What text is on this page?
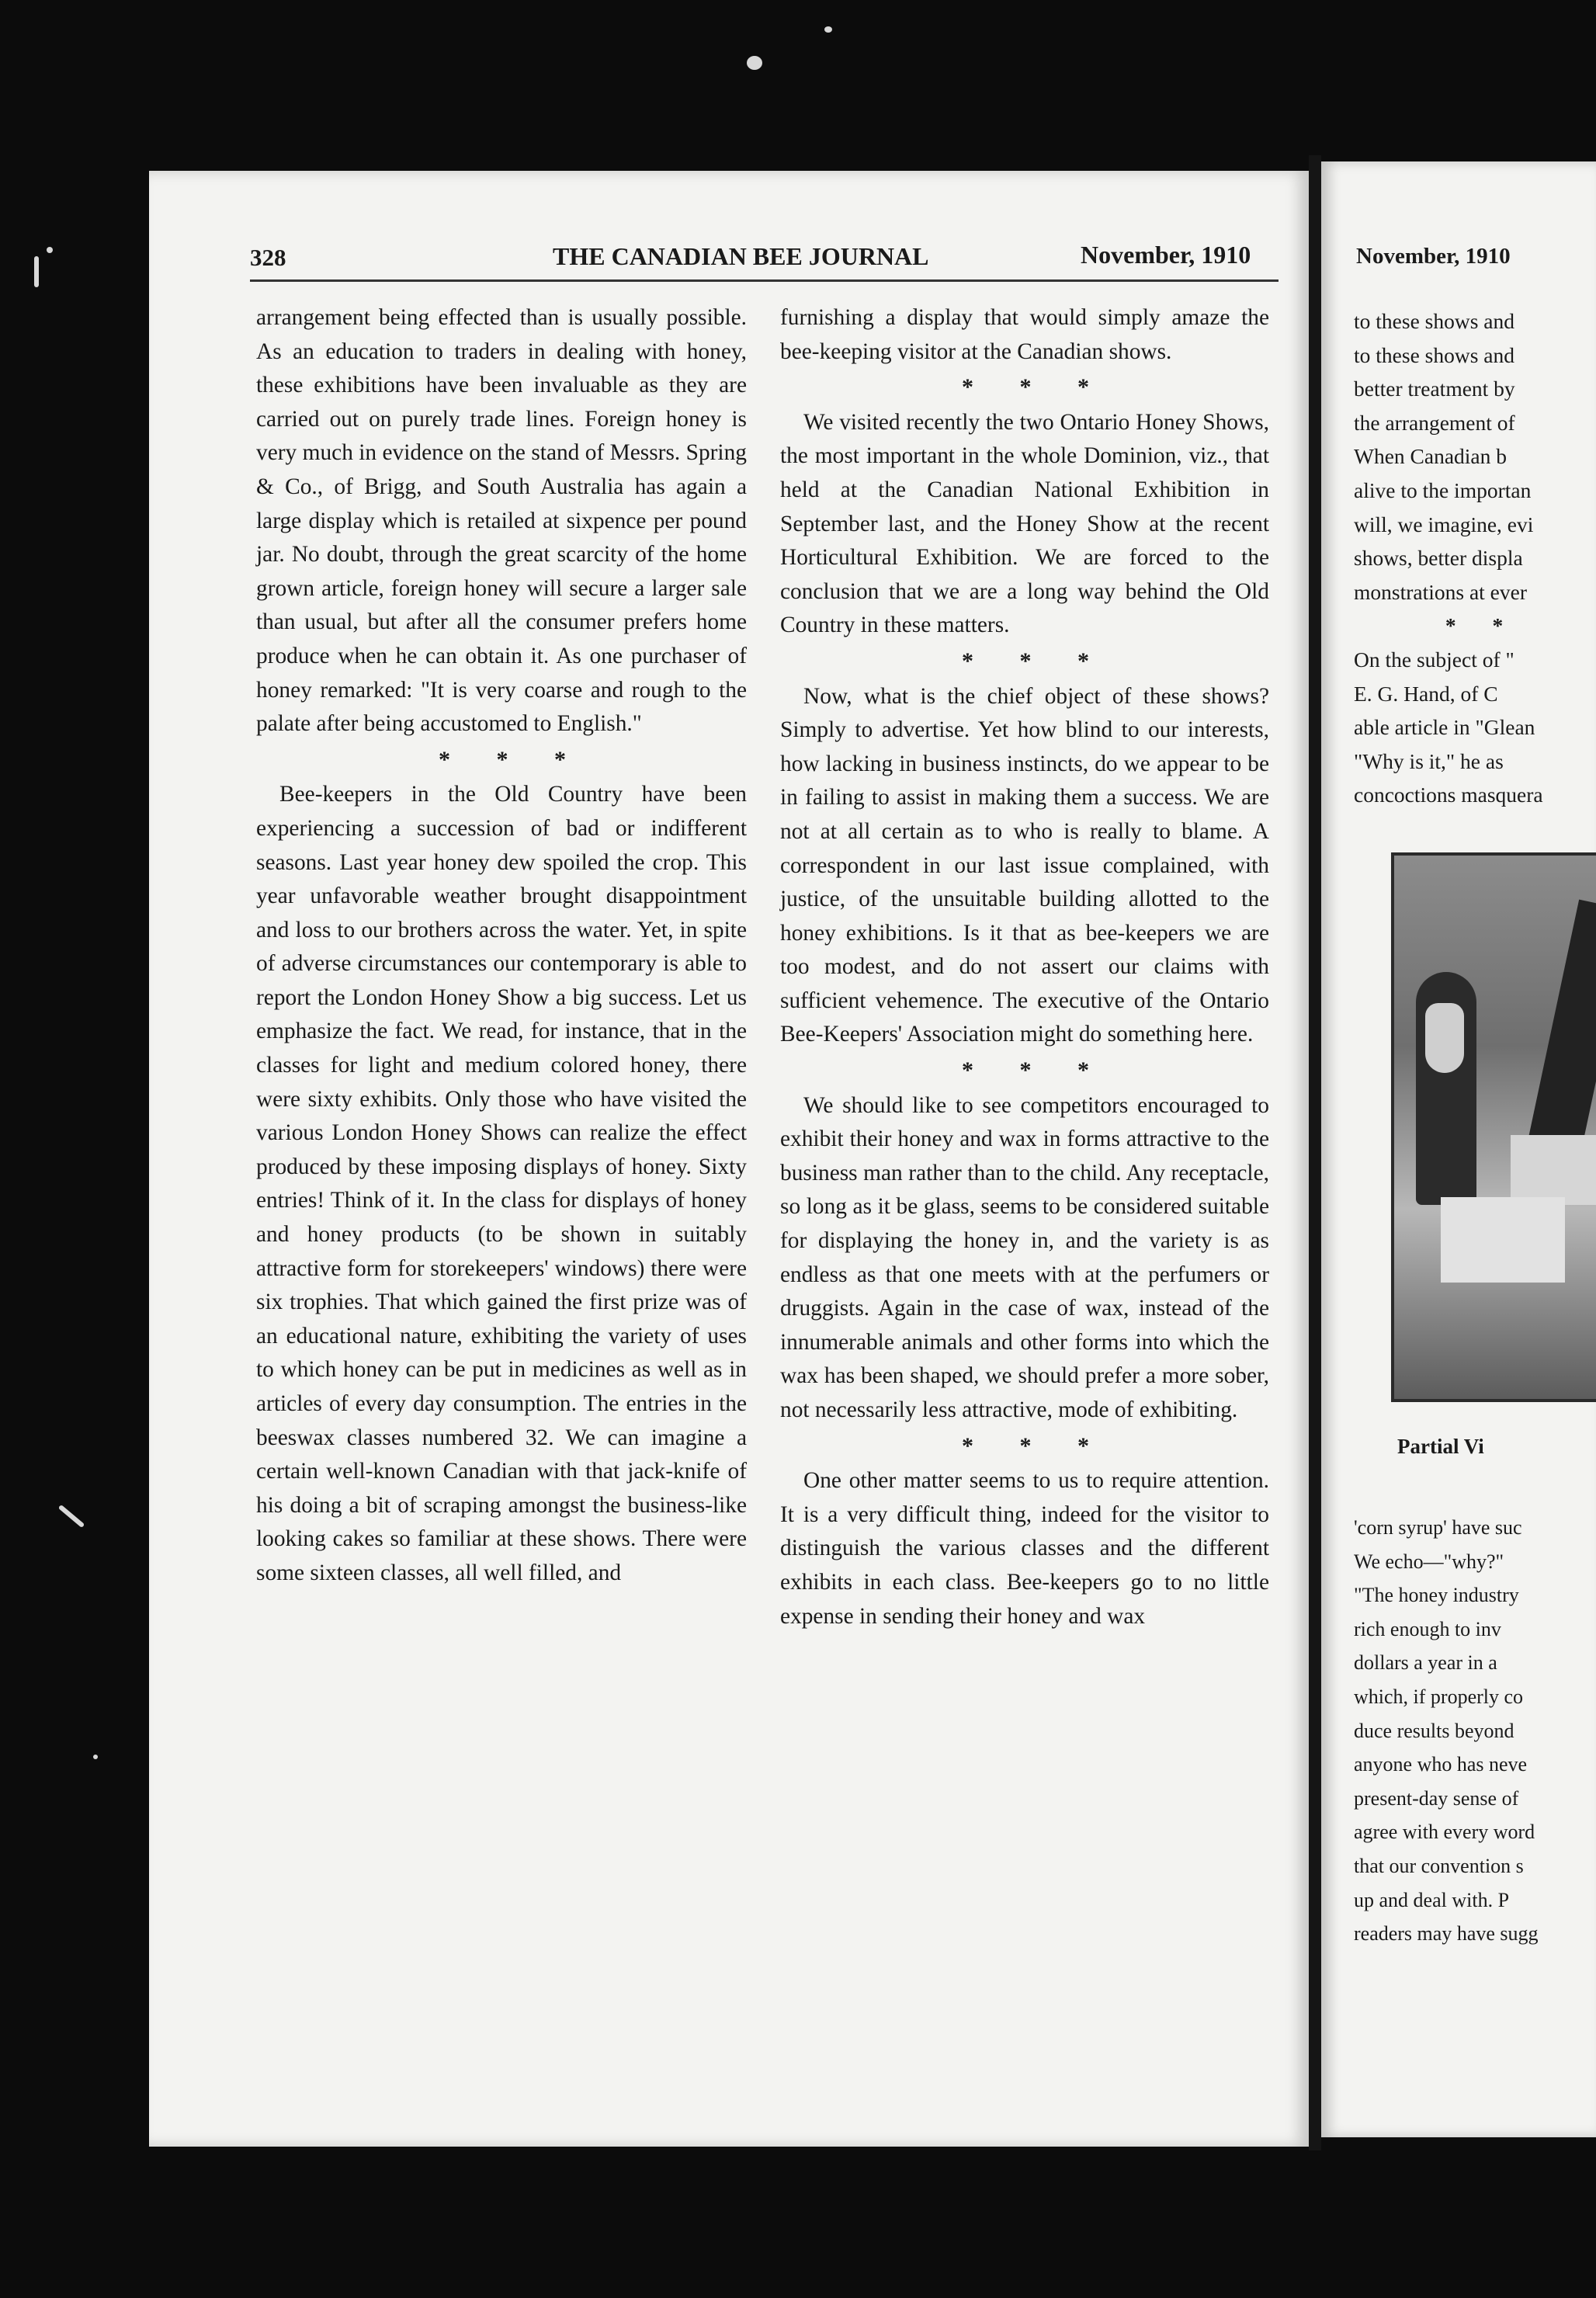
328	THE CANADIAN BEE JOURNAL	November, 1910

arrangement being effected than is usually possible. As an education to traders in dealing with honey, these exhibitions have been invaluable as they are carried out on purely trade lines. Foreign honey is very much in evidence on the stand of Messrs. Spring & Co., of Brigg, and South Australia has again a large display which is retailed at sixpence per pound jar. No doubt, through the great scarcity of the home grown article, foreign honey will secure a larger sale than usual, but after all the consumer prefers home produce when he can obtain it. As one purchaser of honey remarked: "It is very coarse and rough to the palate after being accustomed to English."

* * *

Bee-keepers in the Old Country have been experiencing a succession of bad or indifferent seasons. Last year honey dew spoiled the crop. This year unfavorable weather brought disappointment and loss to our brothers across the water. Yet, in spite of adverse circumstances our contemporary is able to report the London Honey Show a big success. Let us emphasize the fact. We read, for instance, that in the classes for light and medium colored honey, there were sixty exhibits. Only those who have visited the various London Honey Shows can realize the effect produced by these imposing displays of honey. Sixty entries! Think of it. In the class for displays of honey and honey products (to be shown in suitably attractive form for storekeepers' windows) there were six trophies. That which gained the first prize was of an educational nature, exhibiting the variety of uses to which honey can be put in medicines as well as in articles of every day consumption. The entries in the beeswax classes numbered 32. We can imagine a certain well-known Canadian with that jack-knife of his doing a bit of scraping amongst the business-like looking cakes so familiar at these shows. There were some sixteen classes, all well filled, and

furnishing a display that would simply amaze the bee-keeping visitor at the Canadian shows.

* * *

We visited recently the two Ontario Honey Shows, the most important in the whole Dominion, viz., that held at the Canadian National Exhibition in September last, and the Honey Show at the recent Horticultural Exhibition. We are forced to the conclusion that we are a long way behind the Old Country in these matters.

* * *

Now, what is the chief object of these shows? Simply to advertise. Yet how blind to our interests, how lacking in business instincts, do we appear to be in failing to assist in making them a success. We are not at all certain as to who is really to blame. A correspondent in our last issue complained, with justice, of the unsuitable building allotted to the honey exhibitions. Is it that as bee-keepers we are too modest, and do not assert our claims with sufficient vehemence. The executive of the Ontario Bee-Keepers' Association might do something here.

* * *

We should like to see competitors encouraged to exhibit their honey and wax in forms attractive to the business man rather than to the child. Any receptacle, so long as it be glass, seems to be considered suitable for displaying the honey in, and the variety is as endless as that one meets with at the perfumers or druggists. Again in the case of wax, instead of the innumerable animals and other forms into which the wax has been shaped, we should prefer a more sober, not necessarily less attractive, mode of exhibiting.

* * *

One other matter seems to us to require attention. It is a very difficult thing, indeed for the visitor to distinguish the various classes and the different exhibits in each class. Bee-keepers go to no little expense in sending their honey and wax

November, 1910
to these shows and
to these shows and
better treatment by
the arrangement of
When Canadian b
alive to the importan
will, we imagine, evi
shows, better displa
monstrations at ever
* *
On the subject of "
E. G. Hand, of C
able article in "Glean
"Why is it," he as
concoctions masquera
Partial Vi
'corn syrup' have suc
We echo—"why?"
"The honey industry
rich enough to inv
dollars a year in a
which, if properly co
duce results beyond
anyone who has neve
present-day sense of
agree with every word
that our convention s
up and deal with. P
readers may have sugg
